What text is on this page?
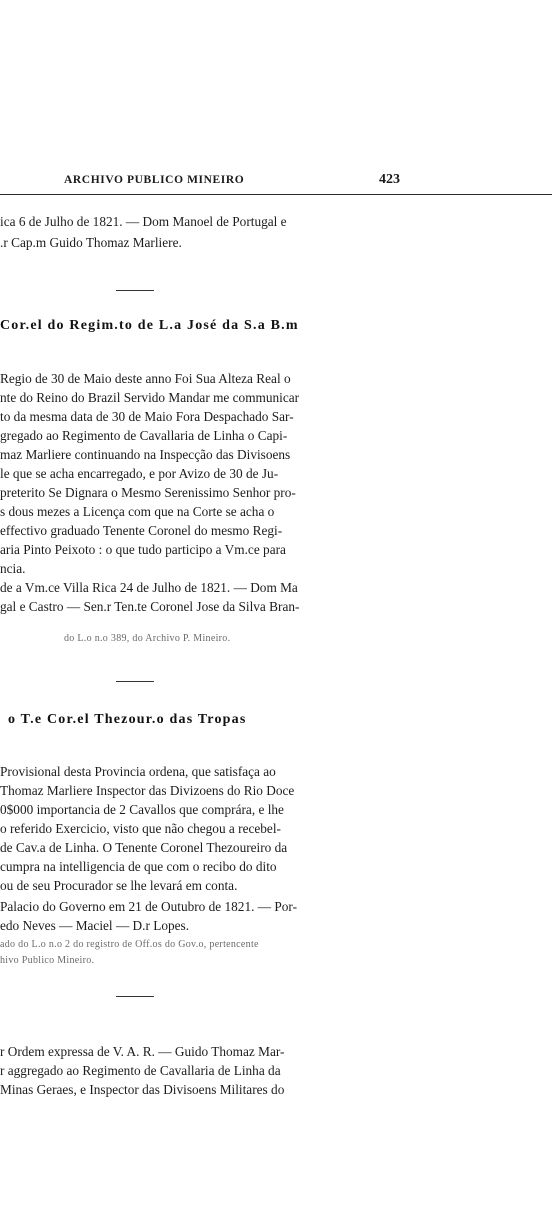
ARCHIVO PUBLICO MINEIRO	423
ica 6 de Julho de 1821. — Dom Manoel de Portugal e
.r Cap.m Guido Thomaz Marliere.
Cor.el do Regim.to de L.a José da S.a B.m
Regio de 30 de Maio deste anno Foi Sua Alteza Real o
nte do Reino do Brazil Servido Mandar me communicar
to da mesma data de 30 de Maio Fora Despachado Sar-
gregado ao Regimento de Cavallaria de Linha o Capi-
maz Marliere continuando na Inspecção das Divisoens
le que se acha encarregado, e por Avizo de 30 de Ju-
preterito Se Dignara o Mesmo Serenissimo Senhor pro-
s dous mezes a Licença com que na Corte se acha o
effectivo graduado Tenente Coronel do mesmo Regi-
aria Pinto Peixoto : o que tudo participo a Vm.ce para
ncia.
de a Vm.ce Villa Rica 24 de Julho de 1821. — Dom Ma
gal e Castro — Sen.r Ten.te Coronel Jose da Silva Bran-
do L.o n.o 389, do Archivo P. Mineiro.
o T.e Cor.el Thezour.o das Tropas
Provisional desta Provincia ordena, que satisfaça ao
Thomaz Marliere Inspector das Divizoens do Rio Doce
0$000 importancia de 2 Cavallos que comprára, e lhe
o referido Exercicio, visto que não chegou a recebel-
de Cav.a de Linha. O Tenente Coronel Thezoureiro da
cumpra na intelligencia de que com o recibo do dito
ou de seu Procurador se lhe levará em conta.
Palacio do Governo em 21 de Outubro de 1821. — Por-
edo Neves — Maciel — D.r Lopes.
ado do L.o n.o 2 do registro de Off.os do Gov.o, pertencente
hivo Publico Mineiro.
r Ordem expressa de V. A. R. — Guido Thomaz Mar-
r aggregado ao Regimento de Cavallaria de Linha da
Minas Geraes, e Inspector das Divisoens Militares do
